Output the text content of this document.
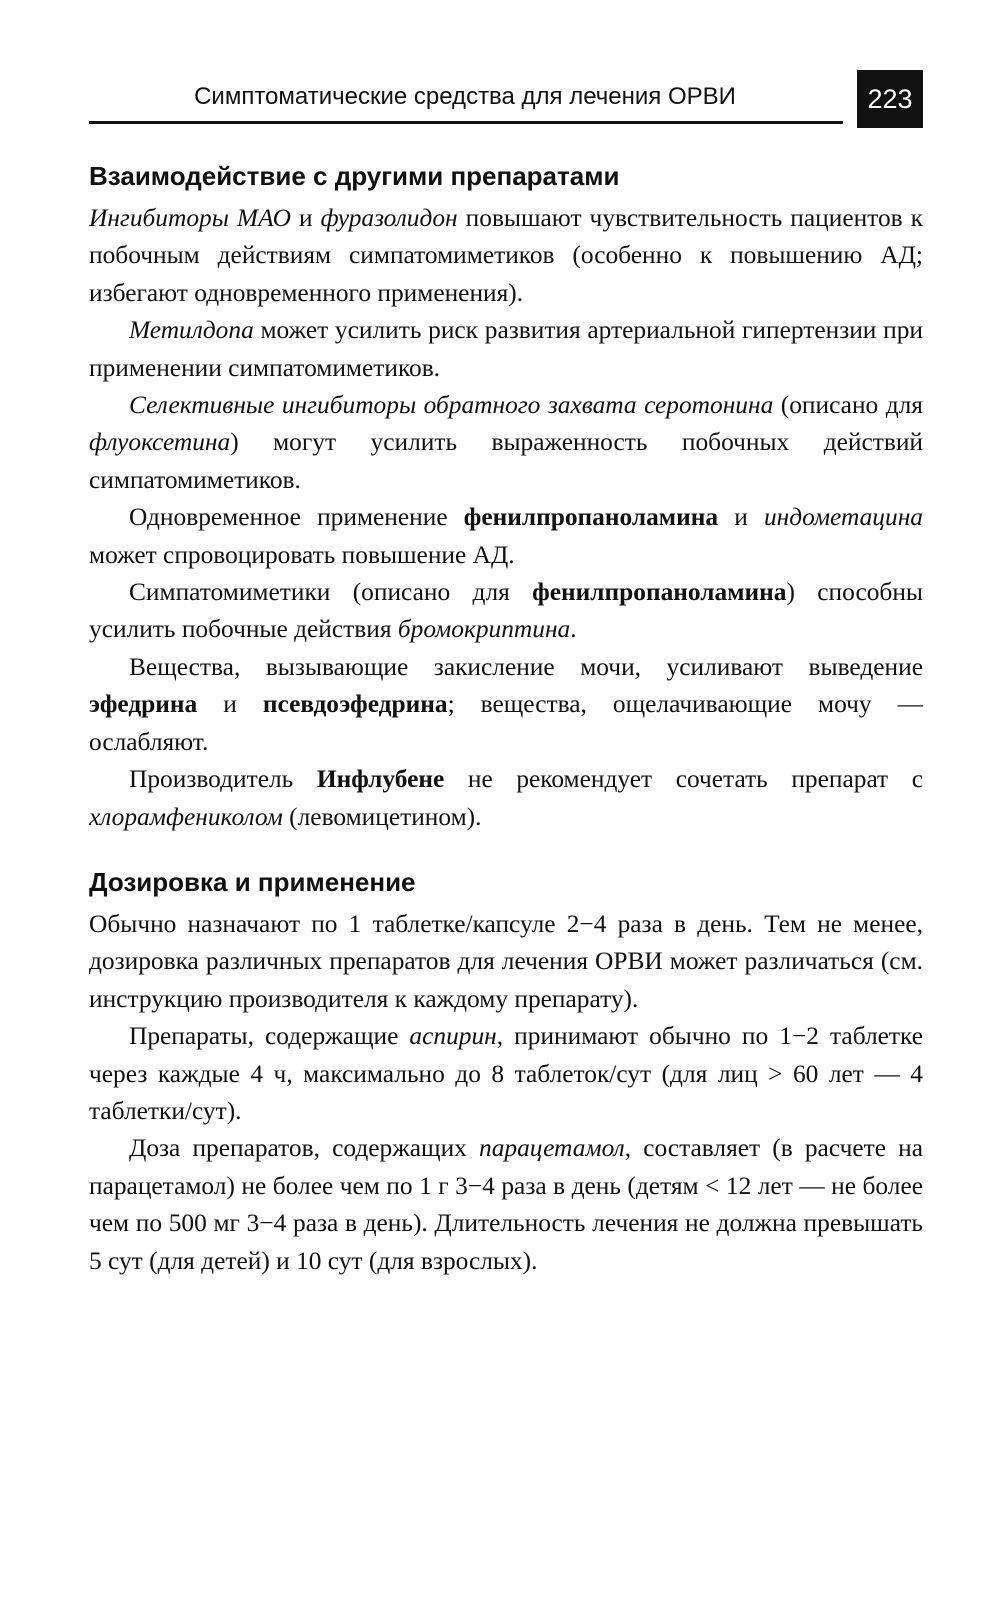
Симптоматические средства для лечения ОРВИ	223
Взаимодействие с другими препаратами

Ингибиторы МАО и фуразолидон повышают чувствительность пациентов к побочным действиям симпатомиметиков (особенно к повышению АД; избегают одновременного применения).

Метилдопа может усилить риск развития артериальной гипертензии при применении симпатомиметиков.

Селективные ингибиторы обратного захвата серотонина (описано для флуоксетина) могут усилить выраженность побочных действий симпатомиметиков.

Одновременное применение фенилпропаноламина и индометацина может спровоцировать повышение АД.

Симпатомиметики (описано для фенилпропаноламина) способны усилить побочные действия бромокриптина.

Вещества, вызывающие закисление мочи, усиливают выведение эфедрина и псевдоэфедрина; вещества, ощелачивающие мочу — ослабляют.

Производитель Инфлубене не рекомендует сочетать препарат с хлорамфениколом (левомицетином).

Дозировка и применение

Обычно назначают по 1 таблетке/капсуле 2−4 раза в день. Тем не менее, дозировка различных препаратов для лечения ОРВИ может различаться (см. инструкцию производителя к каждому препарату).

Препараты, содержащие аспирин, принимают обычно по 1−2 таблетке через каждые 4 ч, максимально до 8 таблеток/сут (для лиц > 60 лет — 4 таблетки/сут).

Доза препаратов, содержащих парацетамол, составляет (в расчете на парацетамол) не более чем по 1 г 3−4 раза в день (детям < 12 лет — не более чем по 500 мг 3−4 раза в день). Длительность лечения не должна превышать 5 сут (для детей) и 10 сут (для взрослых).
